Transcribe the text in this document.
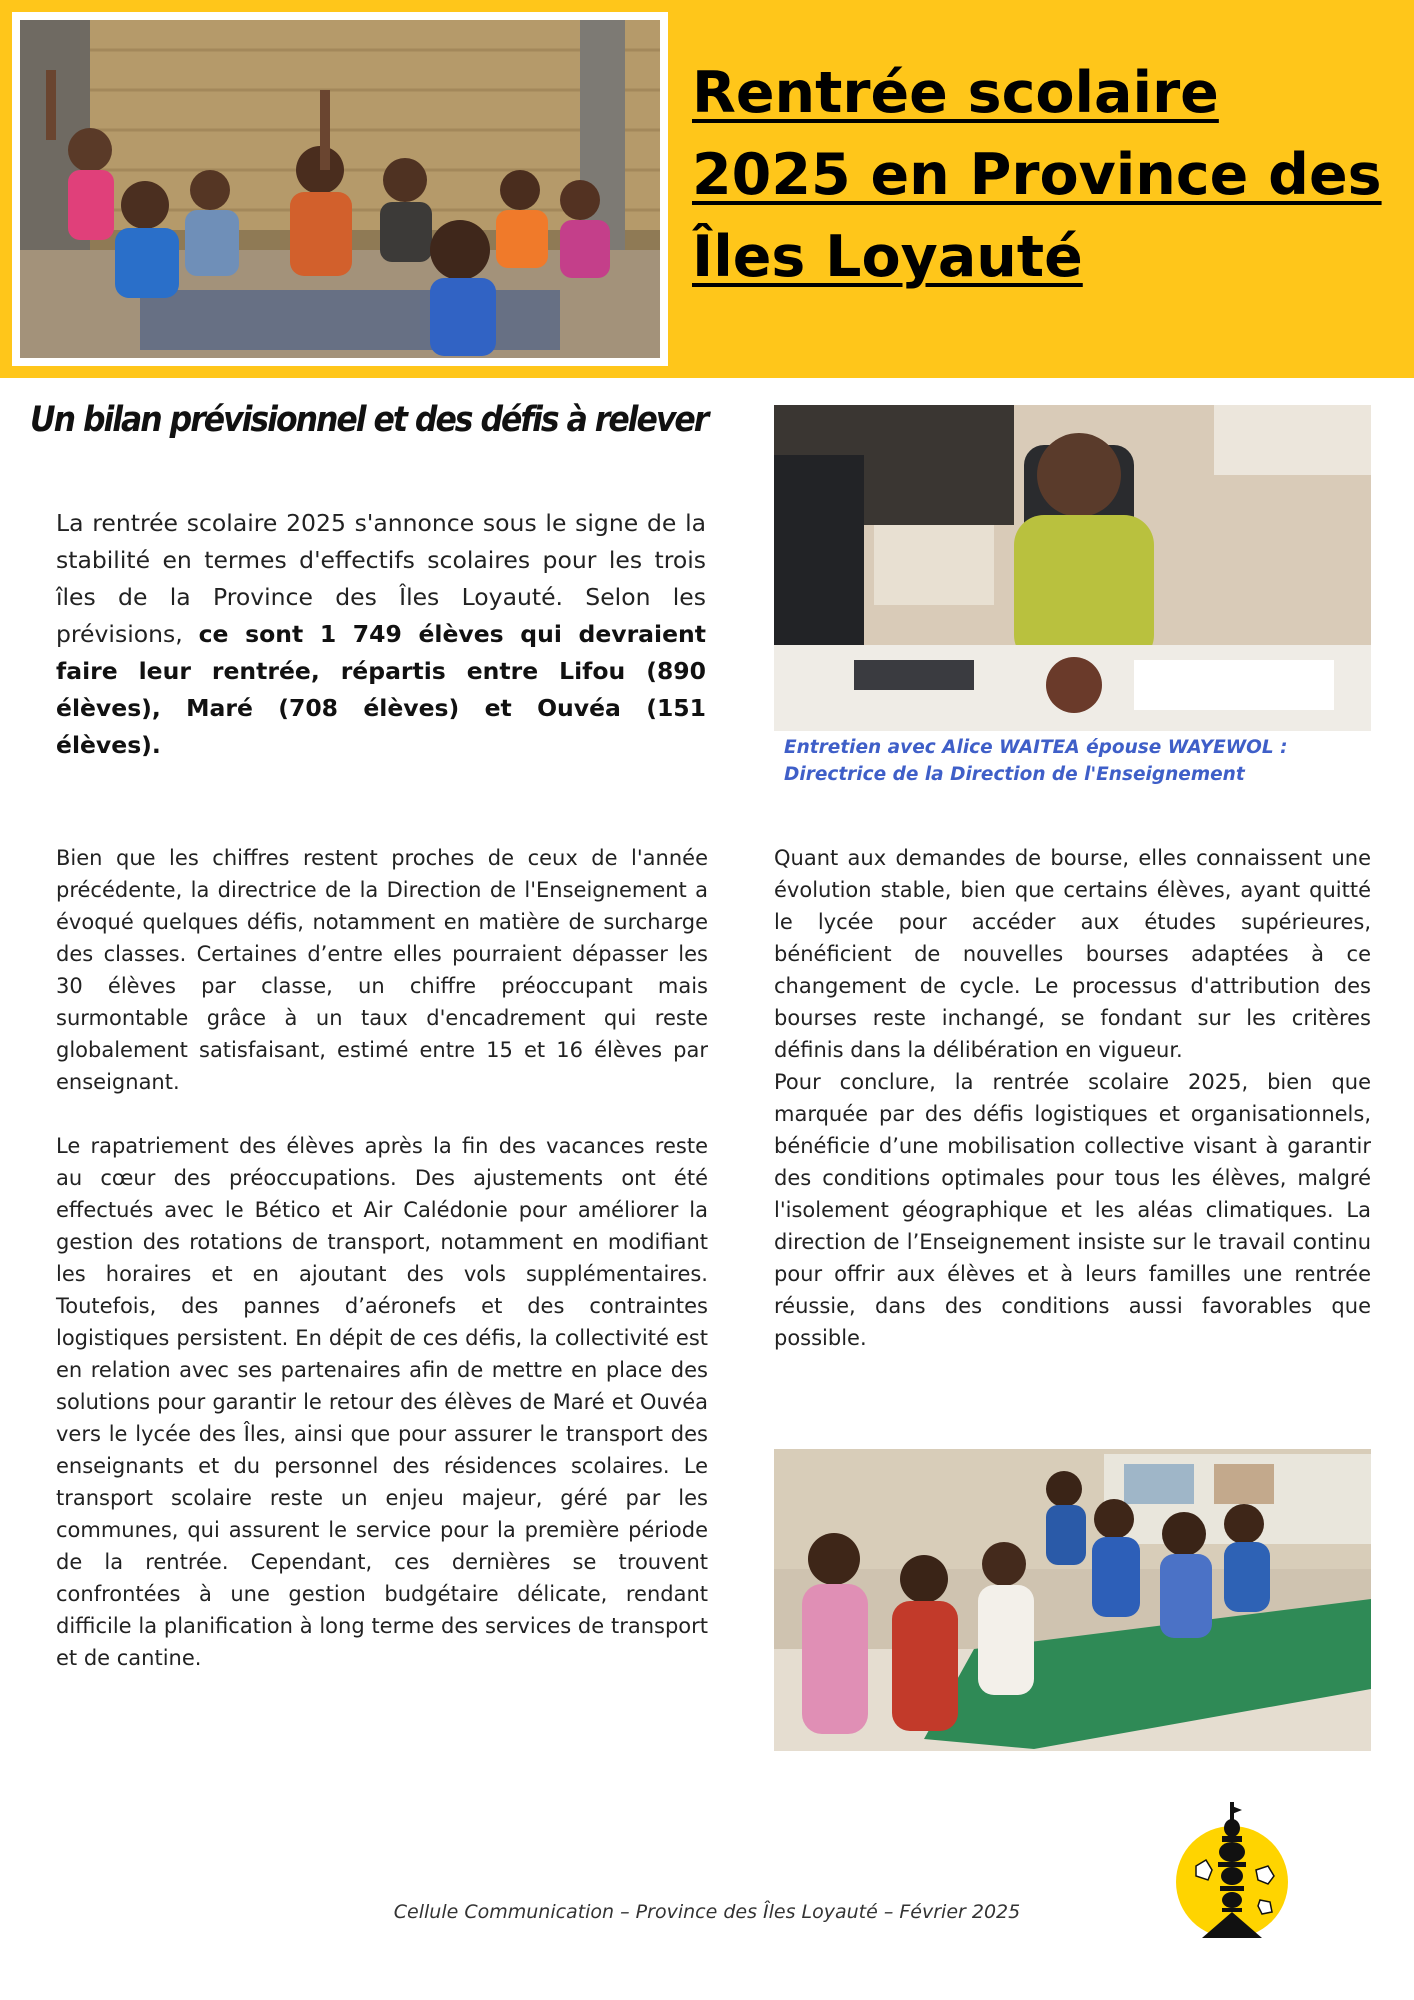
Rentrée scolaire 2025 en Province des Îles Loyauté
Un bilan prévisionnel et des défis à relever

La rentrée scolaire 2025 s'annonce sous le signe de la stabilité en termes d'effectifs scolaires pour les trois îles de la Province des Îles Loyauté. Selon les prévisions, ce sont 1 749 élèves qui devraient faire leur rentrée, répartis entre Lifou (890 élèves), Maré (708 élèves) et Ouvéa (151 élèves).	Entretien avec Alice WAITEA épouse WAYEWOL : Directrice de la Direction de l'Enseignement

Bien que les chiffres restent proches de ceux de l'année précédente, la directrice de la Direction de l'Enseignement a évoqué quelques défis, notamment en matière de surcharge des classes. Certaines d’entre elles pourraient dépasser les 30 élèves par classe, un chiffre préoccupant mais surmontable grâce à un taux d'encadrement qui reste globalement satisfaisant, estimé entre 15 et 16 élèves par enseignant.

Le rapatriement des élèves après la fin des vacances reste au cœur des préoccupations. Des ajustements ont été effectués avec le Bético et Air Calédonie pour améliorer la gestion des rotations de transport, notamment en modifiant les horaires et en ajoutant des vols supplémentaires. Toutefois, des pannes d’aéronefs et des contraintes logistiques persistent. En dépit de ces défis, la collectivité est en relation avec ses partenaires afin de mettre en place des solutions pour garantir le retour des élèves de Maré et Ouvéa vers le lycée des Îles, ainsi que pour assurer le transport des enseignants et du personnel des résidences scolaires. Le transport scolaire reste un enjeu majeur, géré par les communes, qui assurent le service pour la première période de la rentrée. Cependant, ces dernières se trouvent confrontées à une gestion budgétaire délicate, rendant difficile la planification à long terme des services de transport et de cantine.

Quant aux demandes de bourse, elles connaissent une évolution stable, bien que certains élèves, ayant quitté le lycée pour accéder aux études supérieures, bénéficient de nouvelles bourses adaptées à ce changement de cycle. Le processus d'attribution des bourses reste inchangé, se fondant sur les critères définis dans la délibération en vigueur.

Pour conclure, la rentrée scolaire 2025, bien que marquée par des défis logistiques et organisationnels, bénéficie d’une mobilisation collective visant à garantir des conditions optimales pour tous les élèves, malgré l'isolement géographique et les aléas climatiques. La direction de l’Enseignement insiste sur le travail continu pour offrir aux élèves et à leurs familles une rentrée réussie, dans des conditions aussi favorables que possible.

Cellule Communication – Province des Îles Loyauté – Février 2025
